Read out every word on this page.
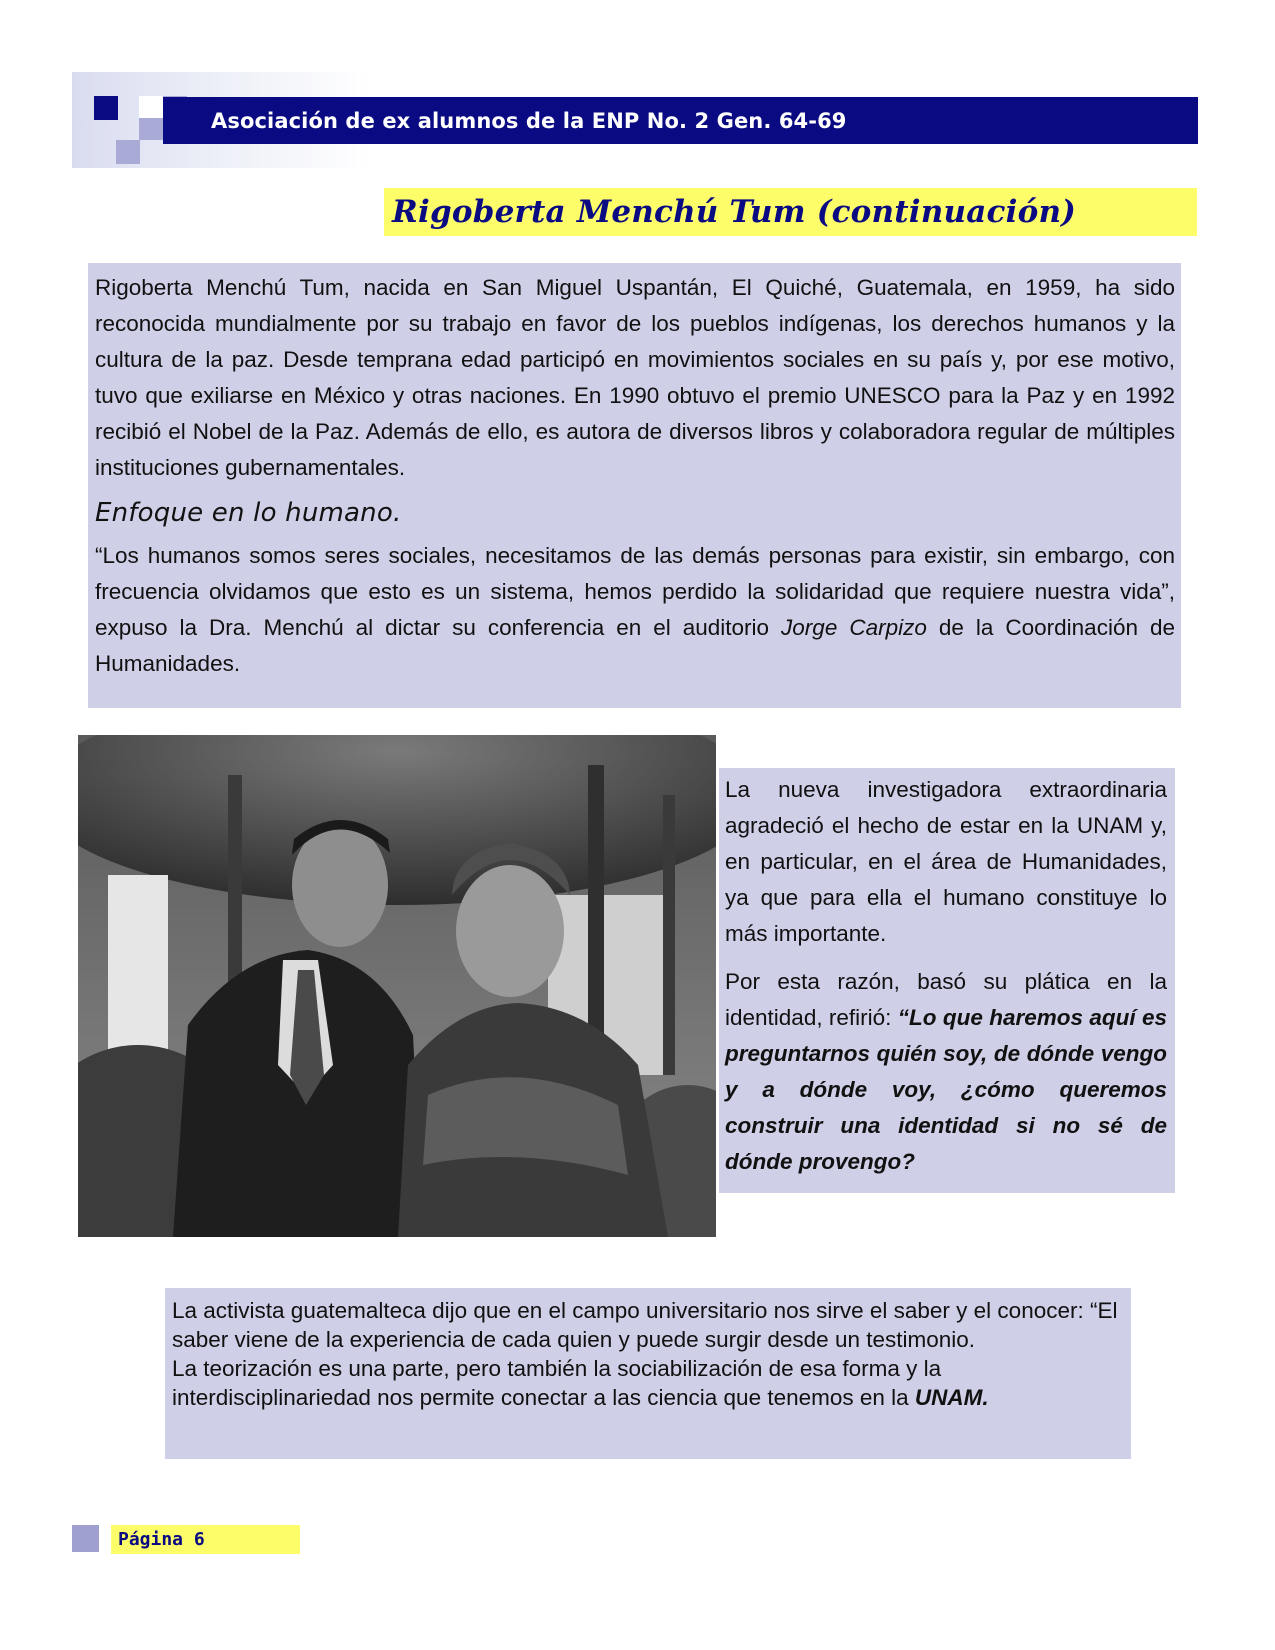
Asociación de ex alumnos de la ENP No. 2 Gen. 64-69
Rigoberta Menchú Tum (continuación)

Rigoberta Menchú Tum, nacida en San Miguel Uspantán, El Quiché, Guatemala, en 1959, ha sido reconocida mundialmente por su trabajo en favor de los pueblos indígenas, los derechos humanos y la cultura de la paz. Desde temprana edad participó en movimientos sociales en su país y, por ese motivo, tuvo que exiliarse en México y otras naciones. En 1990 obtuvo el premio UNESCO para la Paz y en 1992 recibió el Nobel de la Paz. Además de ello, es autora de diversos libros y colaboradora regular de múltiples instituciones gubernamentales.

Enfoque en lo humano.

“Los humanos somos seres sociales, necesitamos de las demás personas para existir, sin embargo, con frecuencia olvidamos que esto es un sistema, hemos perdido la solidaridad que requiere nuestra vida”, expuso la Dra. Menchú al dictar su conferencia en el auditorio Jorge Carpizo de la Coordinación de Humanidades.

La nueva investigadora extraordinaria agradeció el hecho de estar en la UNAM y, en particular, en el área de Humanidades, ya que para ella el humano constituye lo más importante.

Por esta razón, basó su plática en la identidad, refirió: “Lo que haremos aquí es preguntarnos quién soy, de dónde vengo y a dónde voy, ¿cómo queremos construir una identidad si no sé de dónde provengo?

La activista guatemalteca dijo que en el campo universitario nos sirve el saber y el conocer: “El saber viene de la experiencia de cada quien y puede surgir desde un testimonio.

La teorización es una parte, pero también la sociabilización de esa forma y la interdisciplinariedad nos permite conectar a las ciencia que tenemos en la UNAM.

Página 6
